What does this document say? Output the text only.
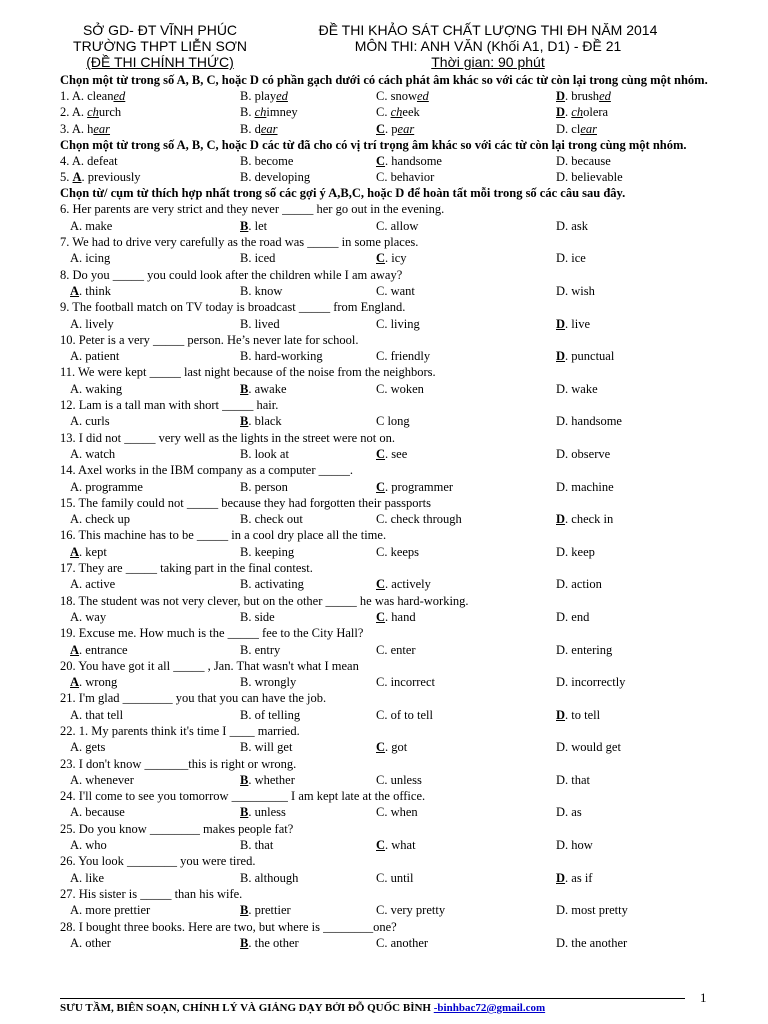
SỞ GD- ĐT VĨNH PHÚC
TRƯỜNG THPT LIỄN SƠN
(ĐỀ THI CHÍNH THỨC)
ĐỀ THI KHẢO SÁT CHẤT LƯỢNG THI ĐH NĂM 2014
MÔN THI: ANH VĂN (Khối A1, D1) - ĐỀ 21
Thời gian: 90 phút
Chọn một từ trong số A, B, C, hoặc D có phần gạch dưới có cách phát âm khác so với các từ còn lại trong cùng một nhóm.
1. A. cleaned	B. played	C. snowed	D. brushed
2. A. church	B. chimney	C. cheek	D. cholera
3. A. hear	B. dear	C. pear	D. clear
Chọn một từ trong số A, B, C, hoặc D các từ đã cho có vị trí trọng âm khác so với các từ còn lại trong cùng một nhóm.
4. A. defeat	B. become	C. handsome	D. because
5. A. previously	B. developing	C. behavior	D. believable
Chọn từ/ cụm từ thích hợp nhất trong số các gợi ý A,B,C, hoặc D để hoàn tất mỗi trong số các câu sau đây.
6. Her parents are very strict and they never _____ her go out in the evening.
A. make	B. let	C. allow	D. ask
7. We had to drive very carefully as the road was _____ in some places.
A. icing	B. iced	C. icy	D. ice
8. Do you _____ you could look after the children while I am away?
A. think	B. know	C. want	D. wish
9. The football match on TV today is broadcast _____ from England.
A. lively	B. lived	C. living	D. live
10. Peter is a very _____ person. He’s never late for school.
A. patient	B. hard-working	C. friendly	D. punctual
11. We were kept _____ last night because of the noise from the neighbors.
A. waking	B. awake	C. woken	D. wake
12. Lam is a tall man with short _____ hair.
A. curls	B. black	C long	D. handsome
13. I did not _____ very well as the lights in the street were not on.
A. watch	B. look at	C. see	D. observe
14. Axel works in the IBM company as a computer _____.
A. programme	B. person	C. programmer	D. machine
15. The family could not _____ because they had forgotten their passports
A. check up	B. check out	C. check through	D. check in
16. This machine has to be _____ in a cool dry place all the time.
A. kept	B. keeping	C. keeps	D. keep
17. They are _____ taking part in the final contest.
A. active	B. activating	C. actively	D. action
18. The student was not very clever, but on the other _____ he was hard-working.
A. way	B. side	C. hand	D. end
19. Excuse me. How much is the _____ fee to the City Hall?
A. entrance	B. entry	C. enter	D. entering
20. You have got it all _____ , Jan. That wasn't what I mean
A. wrong	B. wrongly	C. incorrect	D. incorrectly
21. I'm glad ________ you that you can have the job.
A. that tell	B. of telling	C. of to tell	D. to tell
22. 1. My parents think it's time I ____ married.
A. gets	B. will get	C. got	D. would get
23. I don't know _______this is right or wrong.
A. whenever	B. whether	C. unless	D. that
24. I'll come to see you tomorrow _________ I am kept late at the office.
A. because	B. unless	C. when	D. as
25. Do you know ________ makes people fat?
A. who	B. that	C. what	D. how
26. You look ________ you were tired.
A. like	B. although	C. until	D. as if
27. His sister is _____ than his wife.
A. more prettier	B. prettier	C. very pretty	D. most pretty
28. I bought three books. Here are two, but where is ________one?
A. other	B. the other	C. another	D. the another
SƯU TẦM, BIÊN SOẠN, CHỈNH LÝ VÀ GIẢNG DẠY BỞI ĐỖ QUỐC BÌNH -binhbac72@gmail.com
1
